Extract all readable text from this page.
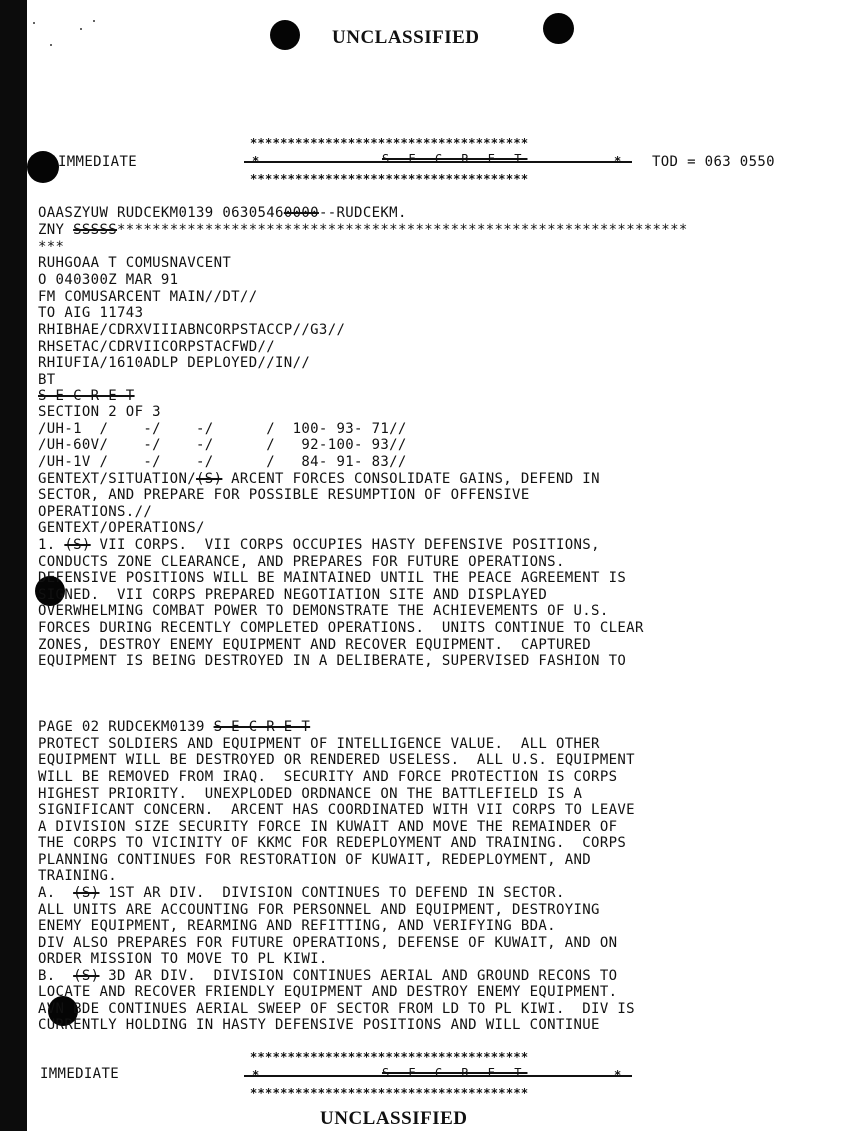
UNCLASSIFIED
IMMEDIATE
*************************************
*	*
S E C R E T
*************************************
TOD = 063 0550
OAASZYUW RUDCEKM0139 06305460000--RUDCEKM.
ZNY SSSSS*****************************************************************
***
RUHGOAA T COMUSNAVCENT
O 040300Z MAR 91
FM COMUSARCENT MAIN//DT//
TO AIG 11743
RHIBHAE/CDRXVIIIABNCORPSTACCP//G3//
RHSETAC/CDRVIICORPSTACFWD//
RHIUFIA/1610ADLP DEPLOYED//IN//
BT
S E C R E T
SECTION 2 OF 3
/UH-1  /    -/    -/      /  100- 93- 71//
/UH-60V/    -/    -/      /   92-100- 93//
/UH-1V /    -/    -/      /   84- 91- 83//
GENTEXT/SITUATION/(S) ARCENT FORCES CONSOLIDATE GAINS, DEFEND IN
SECTOR, AND PREPARE FOR POSSIBLE RESUMPTION OF OFFENSIVE
OPERATIONS.//
GENTEXT/OPERATIONS/
1. (S) VII CORPS.  VII CORPS OCCUPIES HASTY DEFENSIVE POSITIONS,
CONDUCTS ZONE CLEARANCE, AND PREPARES FOR FUTURE OPERATIONS.
DEFENSIVE POSITIONS WILL BE MAINTAINED UNTIL THE PEACE AGREEMENT IS
SIGNED.  VII CORPS PREPARED NEGOTIATION SITE AND DISPLAYED
OVERWHELMING COMBAT POWER TO DEMONSTRATE THE ACHIEVEMENTS OF U.S.
FORCES DURING RECENTLY COMPLETED OPERATIONS.  UNITS CONTINUE TO CLEAR
ZONES, DESTROY ENEMY EQUIPMENT AND RECOVER EQUIPMENT.  CAPTURED
EQUIPMENT IS BEING DESTROYED IN A DELIBERATE, SUPERVISED FASHION TO
PAGE 02 RUDCEKM0139 S E C R E T
PROTECT SOLDIERS AND EQUIPMENT OF INTELLIGENCE VALUE.  ALL OTHER
EQUIPMENT WILL BE DESTROYED OR RENDERED USELESS.  ALL U.S. EQUIPMENT
WILL BE REMOVED FROM IRAQ.  SECURITY AND FORCE PROTECTION IS CORPS
HIGHEST PRIORITY.  UNEXPLODED ORDNANCE ON THE BATTLEFIELD IS A
SIGNIFICANT CONCERN.  ARCENT HAS COORDINATED WITH VII CORPS TO LEAVE
A DIVISION SIZE SECURITY FORCE IN KUWAIT AND MOVE THE REMAINDER OF
THE CORPS TO VICINITY OF KKMC FOR REDEPLOYMENT AND TRAINING.  CORPS
PLANNING CONTINUES FOR RESTORATION OF KUWAIT, REDEPLOYMENT, AND
TRAINING.
A.  (S) 1ST AR DIV.  DIVISION CONTINUES TO DEFEND IN SECTOR.
ALL UNITS ARE ACCOUNTING FOR PERSONNEL AND EQUIPMENT, DESTROYING
ENEMY EQUIPMENT, REARMING AND REFITTING, AND VERIFYING BDA.
DIV ALSO PREPARES FOR FUTURE OPERATIONS, DEFENSE OF KUWAIT, AND ON
ORDER MISSION TO MOVE TO PL KIWI.
B.  (S) 3D AR DIV.  DIVISION CONTINUES AERIAL AND GROUND RECONS TO
LOCATE AND RECOVER FRIENDLY EQUIPMENT AND DESTROY ENEMY EQUIPMENT.
AVN BDE CONTINUES AERIAL SWEEP OF SECTOR FROM LD TO PL KIWI.  DIV IS
CURRENTLY HOLDING IN HASTY DEFENSIVE POSITIONS AND WILL CONTINUE
IMMEDIATE
*************************************
*	*
S E C R E T
*************************************
UNCLASSIFIED
